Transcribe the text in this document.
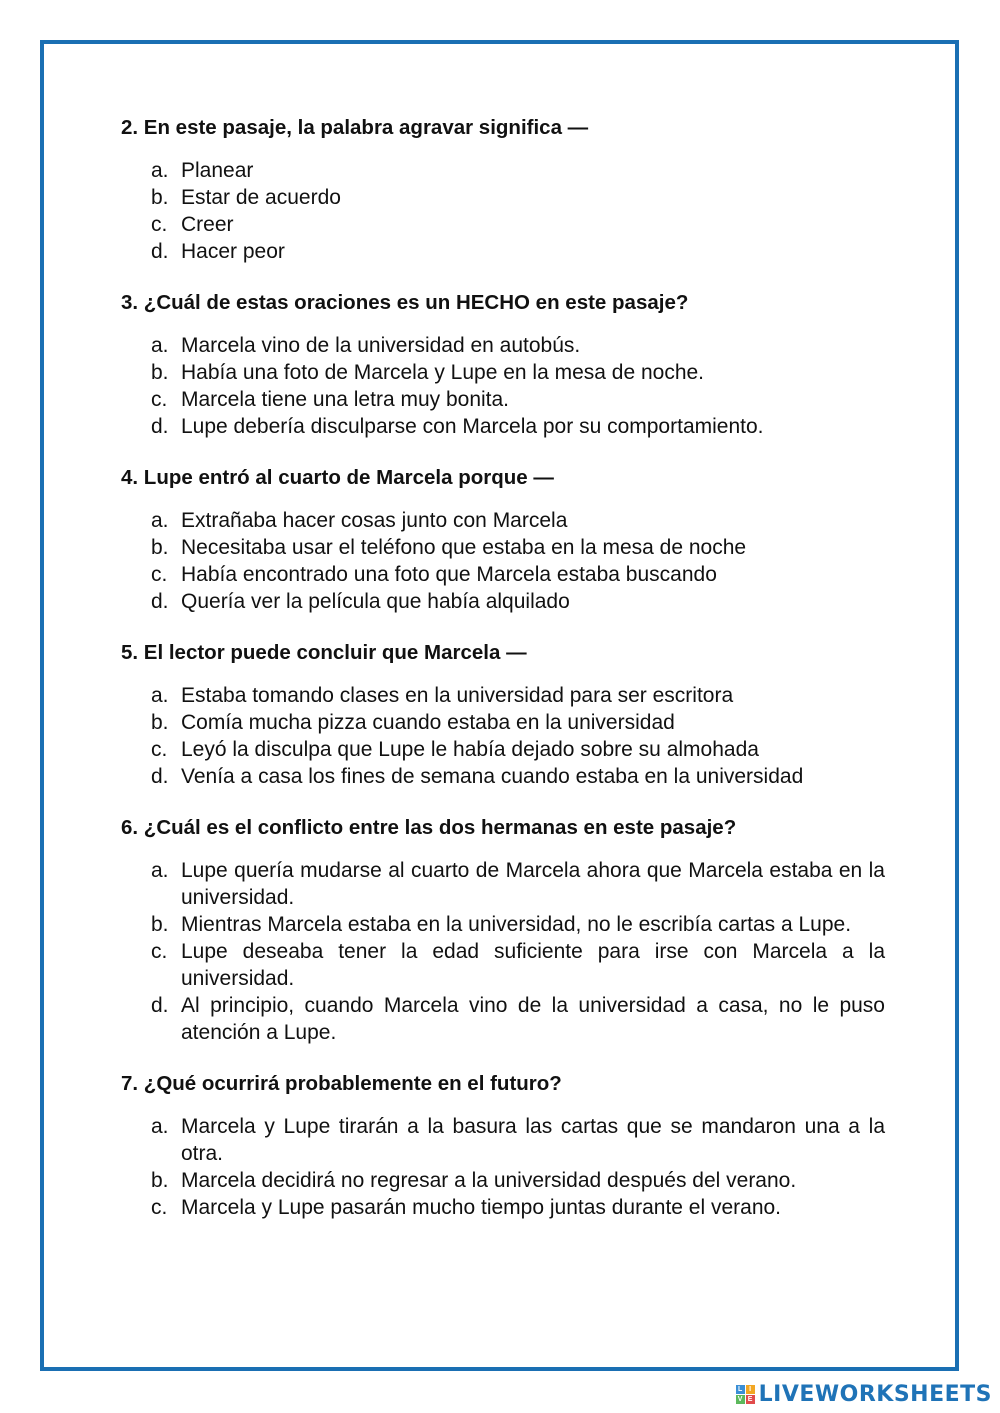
2. En este pasaje, la palabra agravar significa —
a. Planear
b. Estar de acuerdo
c. Creer
d. Hacer peor
3. ¿Cuál de estas oraciones es un HECHO en este pasaje?
a. Marcela vino de la universidad en autobús.
b. Había una foto de Marcela y Lupe en la mesa de noche.
c. Marcela tiene una letra muy bonita.
d. Lupe debería disculparse con Marcela por su comportamiento.
4. Lupe entró al cuarto de Marcela porque —
a. Extrañaba hacer cosas junto con Marcela
b. Necesitaba usar el teléfono que estaba en la mesa de noche
c. Había encontrado una foto que Marcela estaba buscando
d. Quería ver la película que había alquilado
5. El lector puede concluir que Marcela —
a. Estaba tomando clases en la universidad para ser escritora
b. Comía mucha pizza cuando estaba en la universidad
c. Leyó la disculpa que Lupe le había dejado sobre su almohada
d. Venía a casa los fines de semana cuando estaba en la universidad
6. ¿Cuál es el conflicto entre las dos hermanas en este pasaje?
a. Lupe quería mudarse al cuarto de Marcela ahora que Marcela estaba en la universidad.
b. Mientras Marcela estaba en la universidad, no le escribía cartas a Lupe.
c. Lupe deseaba tener la edad suficiente para irse con Marcela a la universidad.
d. Al principio, cuando Marcela vino de la universidad a casa, no le puso atención a Lupe.
7. ¿Qué ocurrirá probablemente en el futuro?
a. Marcela y Lupe tirarán a la basura las cartas que se mandaron una a la otra.
b. Marcela decidirá no regresar a la universidad después del verano.
c. Marcela y Lupe pasarán mucho tiempo juntas durante el verano.
L I
V E LIVEWORKSHEETS
